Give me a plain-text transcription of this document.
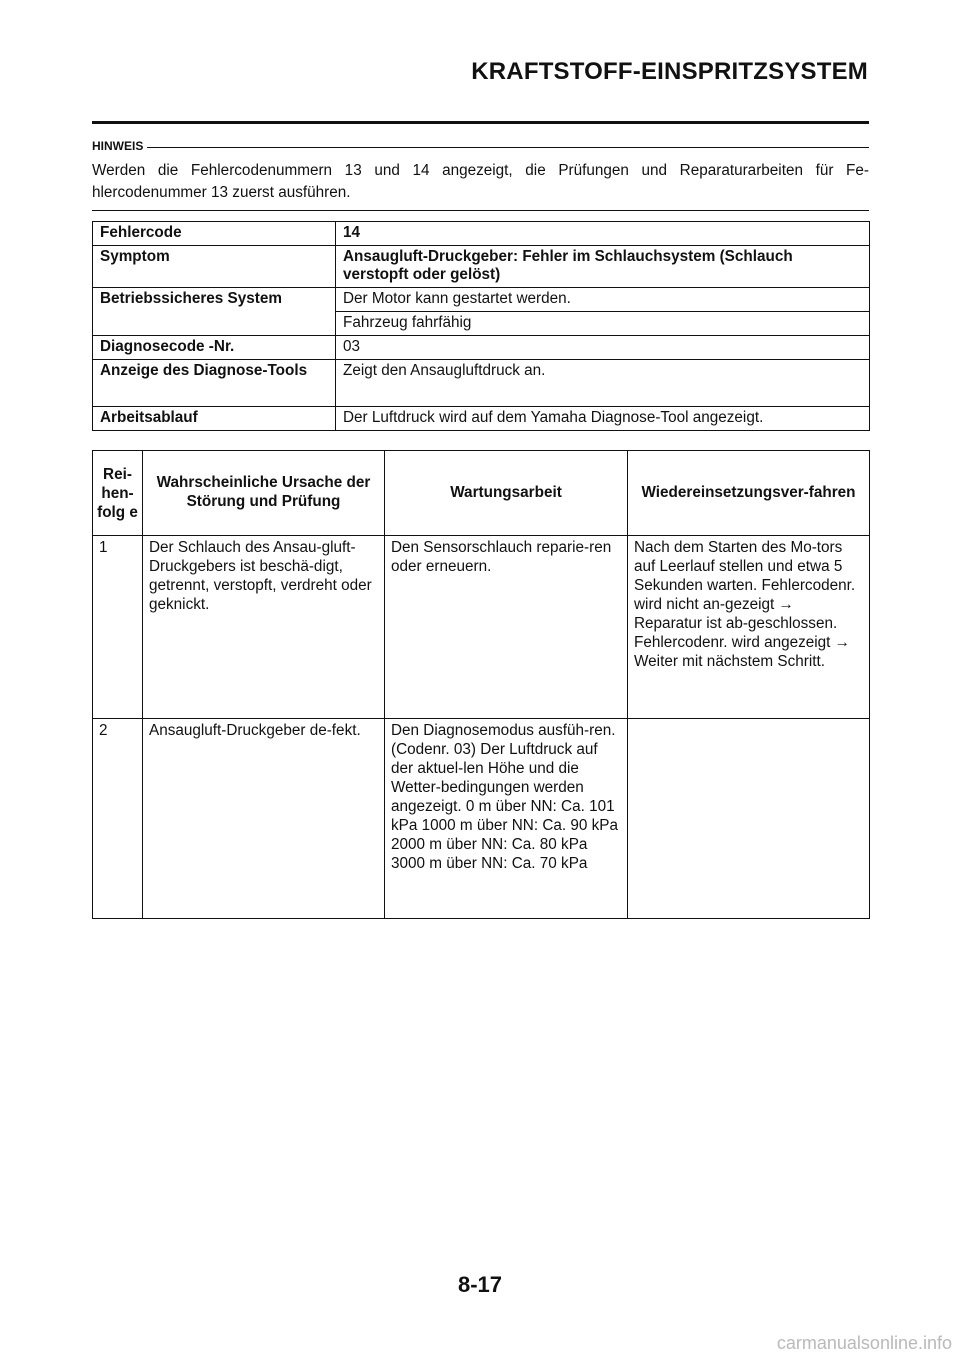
KRAFTSTOFF-EINSPRITZSYSTEM
HINWEIS
Werden die Fehlercodenummern 13 und 14 angezeigt, die Prüfungen und Reparaturarbeiten für Fe-hlercodenummer 13 zuerst ausführen.
Fehlercode	14
Symptom	Ansaugluft-Druckgeber: Fehler im Schlauchsystem (Schlauch verstopft oder gelöst)
Betriebssicheres System	Der Motor kann gestartet werden.
	Fahrzeug fahrfähig
Diagnosecode -Nr.	03
Anzeige des Diagnose-Tools	Zeigt den Ansaugluftdruck an.
Arbeitsablauf	Der Luftdruck wird auf dem Yamaha Diagnose-Tool angezeigt.
Rei-hen-folg e	Wahrscheinliche Ursache der Störung und Prüfung	Wartungsarbeit	Wiedereinsetzungsver-fahren
1	Der Schlauch des Ansau-gluft-Druckgebers ist beschä-digt, getrennt, verstopft, verdreht oder geknickt.	Den Sensorschlauch reparie-ren oder erneuern.	Nach dem Starten des Mo-tors auf Leerlauf stellen und etwa 5 Sekunden warten. Fehlercodenr. wird nicht an-gezeigt → Reparatur ist ab-geschlossen. Fehlercodenr. wird angezeigt → Weiter mit nächstem Schritt.
2	Ansaugluft-Druckgeber de-fekt.	Den Diagnosemodus ausfüh-ren. (Codenr. 03) Der Luftdruck auf der aktuel-len Höhe und die Wetter-bedingungen werden angezeigt. 0 m über NN: Ca. 101 kPa 1000 m über NN: Ca. 90 kPa 2000 m über NN: Ca. 80 kPa 3000 m über NN: Ca. 70 kPa	
8-17
carmanualsonline.info
